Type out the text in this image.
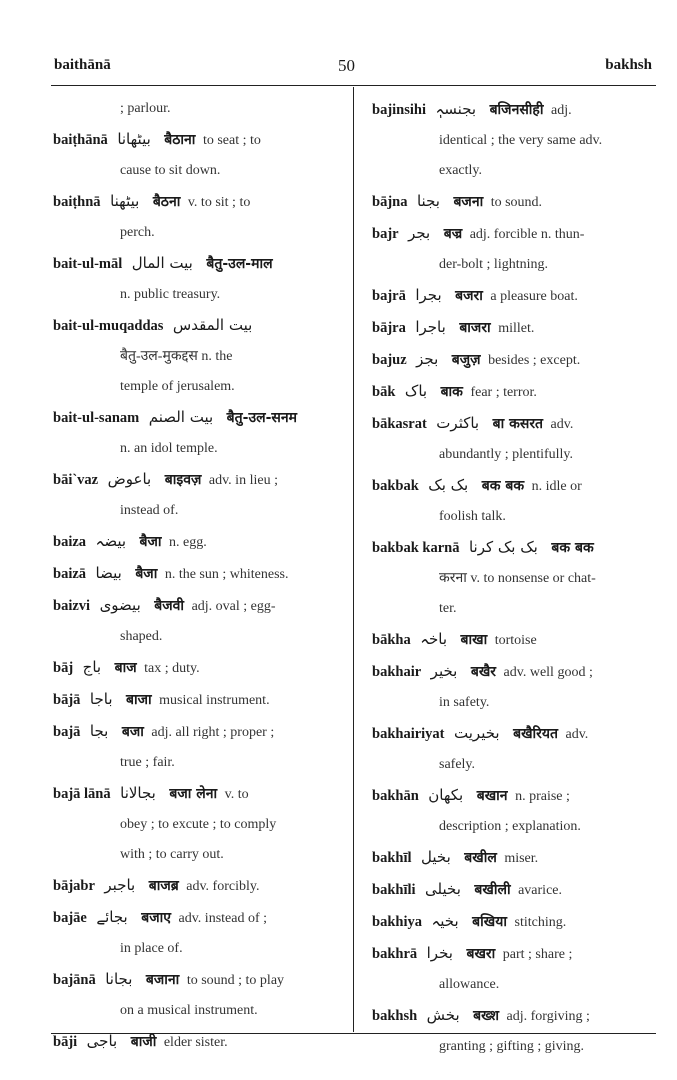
baithānā	50	bakhsh
; parlour.
baiṭhānā بیٹھانا बैठाना to seat ; to
cause to sit down.
baiṭhnā بیٹھنا बैठना v. to sit ; to
perch.
bait-ul-māl بیت المال बैतु-उल-माल
n. public treasury.
bait-ul-muqaddas بیت المقدس
बैतु-उल-मुकद्दस n. the
temple of jerusalem.
bait-ul-sanam بیت الصنم बैतु-उल-सनम
n. an idol temple.
bāi`vaz باعوض बाइवज़ adv. in lieu ;
instead of.
baiza بیضہ बैजा n. egg.
baizā بیضا बैजा n. the sun ; whiteness.
baizvi بیضوی बैजवी adj. oval ; egg-
shaped.
bāj باج बाज tax ; duty.
bājā باجا बाजा musical instrument.
bajā بجا बजा adj. all right ; proper ;
true ; fair.
bajā lānā بجالانا बजा लेना v. to
obey ; to excute ; to comply
with ; to carry out.
bājabr باجبر बाजब्र adv. forcibly.
bajāe بجائے बजाए adv. instead of ;
in place of.
bajānā بجانا बजाना to sound ; to play
on a musical instrument.
bāji باجی बाजी elder sister.
bajinsihi بجنسہٖ बजिनसीही adj.
identical ; the very same adv.
exactly.
bājna بجنا बजना to sound.
bajr بجر बज्र adj. forcible n. thun-
der-bolt ; lightning.
bajrā بجرا बजरा a pleasure boat.
bājra باجرا बाजरा millet.
bajuz بجز बजुज़ besides ; except.
bāk باک बाक fear ; terror.
bākasrat باکثرت बा कसरत adv.
abundantly ; plentifully.
bakbak بک بک बक बक n. idle or
foolish talk.
bakbak karnā بک بک کرنا बक बक
करना v. to nonsense or chat-
ter.
bākha باخہ बाखा tortoise
bakhair بخیر बखैर adv. well good ;
in safety.
bakhairiyat بخیریت बखैरियत adv.
safely.
bakhān بکھان बखान n. praise ;
description ; explanation.
bakhīl بخیل बखील miser.
bakhīli بخیلی बखीली avarice.
bakhiya بخیہ बखिया stitching.
bakhrā بخرا बखरा part ; share ;
allowance.
bakhsh بخش बख्श adj. forgiving ;
granting ; gifting ; giving.
